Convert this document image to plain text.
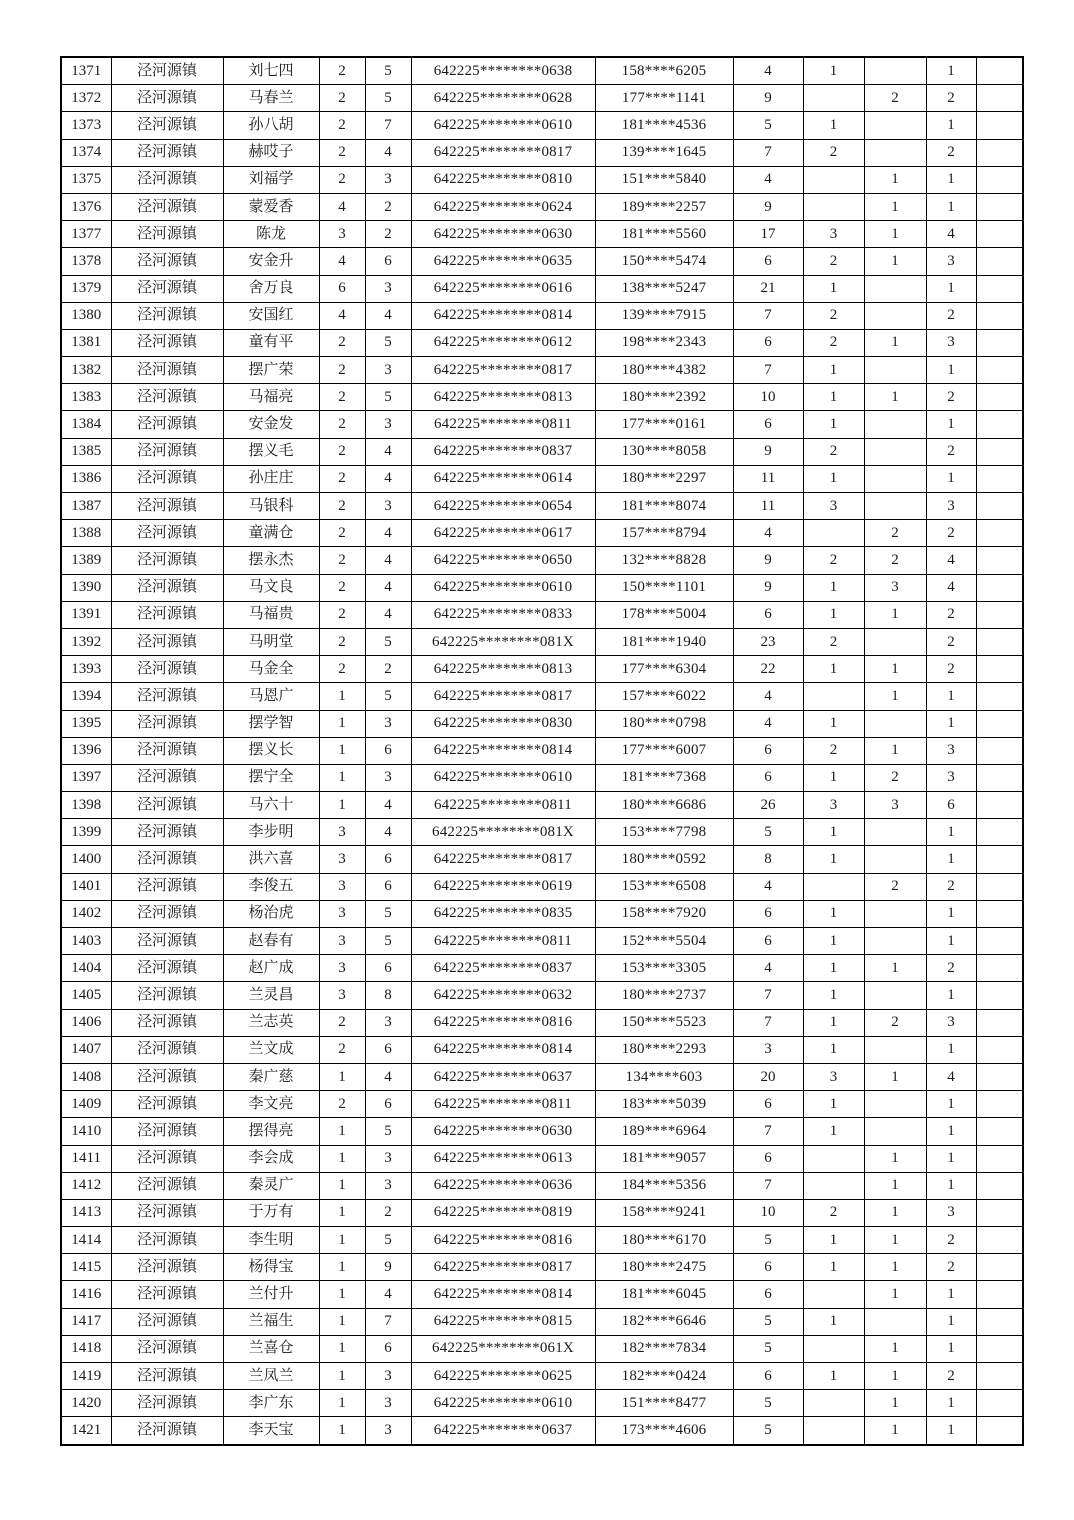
1371	泾河源镇	刘七四	2	5	642225********0638	158****6205	4	1		1	
1372	泾河源镇	马春兰	2	5	642225********0628	177****1141	9		2	2	
1373	泾河源镇	孙八胡	2	7	642225********0610	181****4536	5	1		1	
1374	泾河源镇	赫哎子	2	4	642225********0817	139****1645	7	2		2	
1375	泾河源镇	刘福学	2	3	642225********0810	151****5840	4		1	1	
1376	泾河源镇	蒙爱香	4	2	642225********0624	189****2257	9		1	1	
1377	泾河源镇	陈龙	3	2	642225********0630	181****5560	17	3	1	4	
1378	泾河源镇	安金升	4	6	642225********0635	150****5474	6	2	1	3	
1379	泾河源镇	舍万良	6	3	642225********0616	138****5247	21	1		1	
1380	泾河源镇	安国红	4	4	642225********0814	139****7915	7	2		2	
1381	泾河源镇	童有平	2	5	642225********0612	198****2343	6	2	1	3	
1382	泾河源镇	摆广荣	2	3	642225********0817	180****4382	7	1		1	
1383	泾河源镇	马福亮	2	5	642225********0813	180****2392	10	1	1	2	
1384	泾河源镇	安金发	2	3	642225********0811	177****0161	6	1		1	
1385	泾河源镇	摆义毛	2	4	642225********0837	130****8058	9	2		2	
1386	泾河源镇	孙庄庄	2	4	642225********0614	180****2297	11	1		1	
1387	泾河源镇	马银科	2	3	642225********0654	181****8074	11	3		3	
1388	泾河源镇	童满仓	2	4	642225********0617	157****8794	4		2	2	
1389	泾河源镇	摆永杰	2	4	642225********0650	132****8828	9	2	2	4	
1390	泾河源镇	马文良	2	4	642225********0610	150****1101	9	1	3	4	
1391	泾河源镇	马福贵	2	4	642225********0833	178****5004	6	1	1	2	
1392	泾河源镇	马明堂	2	5	642225********081X	181****1940	23	2		2	
1393	泾河源镇	马金全	2	2	642225********0813	177****6304	22	1	1	2	
1394	泾河源镇	马恩广	1	5	642225********0817	157****6022	4		1	1	
1395	泾河源镇	摆学智	1	3	642225********0830	180****0798	4	1		1	
1396	泾河源镇	摆义长	1	6	642225********0814	177****6007	6	2	1	3	
1397	泾河源镇	摆宁全	1	3	642225********0610	181****7368	6	1	2	3	
1398	泾河源镇	马六十	1	4	642225********0811	180****6686	26	3	3	6	
1399	泾河源镇	李步明	3	4	642225********081X	153****7798	5	1		1	
1400	泾河源镇	洪六喜	3	6	642225********0817	180****0592	8	1		1	
1401	泾河源镇	李俊五	3	6	642225********0619	153****6508	4		2	2	
1402	泾河源镇	杨治虎	3	5	642225********0835	158****7920	6	1		1	
1403	泾河源镇	赵春有	3	5	642225********0811	152****5504	6	1		1	
1404	泾河源镇	赵广成	3	6	642225********0837	153****3305	4	1	1	2	
1405	泾河源镇	兰灵昌	3	8	642225********0632	180****2737	7	1		1	
1406	泾河源镇	兰志英	2	3	642225********0816	150****5523	7	1	2	3	
1407	泾河源镇	兰文成	2	6	642225********0814	180****2293	3	1		1	
1408	泾河源镇	秦广慈	1	4	642225********0637	134****603	20	3	1	4	
1409	泾河源镇	李文亮	2	6	642225********0811	183****5039	6	1		1	
1410	泾河源镇	摆得亮	1	5	642225********0630	189****6964	7	1		1	
1411	泾河源镇	李会成	1	3	642225********0613	181****9057	6		1	1	
1412	泾河源镇	秦灵广	1	3	642225********0636	184****5356	7		1	1	
1413	泾河源镇	于万有	1	2	642225********0819	158****9241	10	2	1	3	
1414	泾河源镇	李生明	1	5	642225********0816	180****6170	5	1	1	2	
1415	泾河源镇	杨得宝	1	9	642225********0817	180****2475	6	1	1	2	
1416	泾河源镇	兰付升	1	4	642225********0814	181****6045	6		1	1	
1417	泾河源镇	兰福生	1	7	642225********0815	182****6646	5	1		1	
1418	泾河源镇	兰喜仓	1	6	642225********061X	182****7834	5		1	1	
1419	泾河源镇	兰凤兰	1	3	642225********0625	182****0424	6	1	1	2	
1420	泾河源镇	李广东	1	3	642225********0610	151****8477	5		1	1	
1421	泾河源镇	李天宝	1	3	642225********0637	173****4606	5		1	1	
